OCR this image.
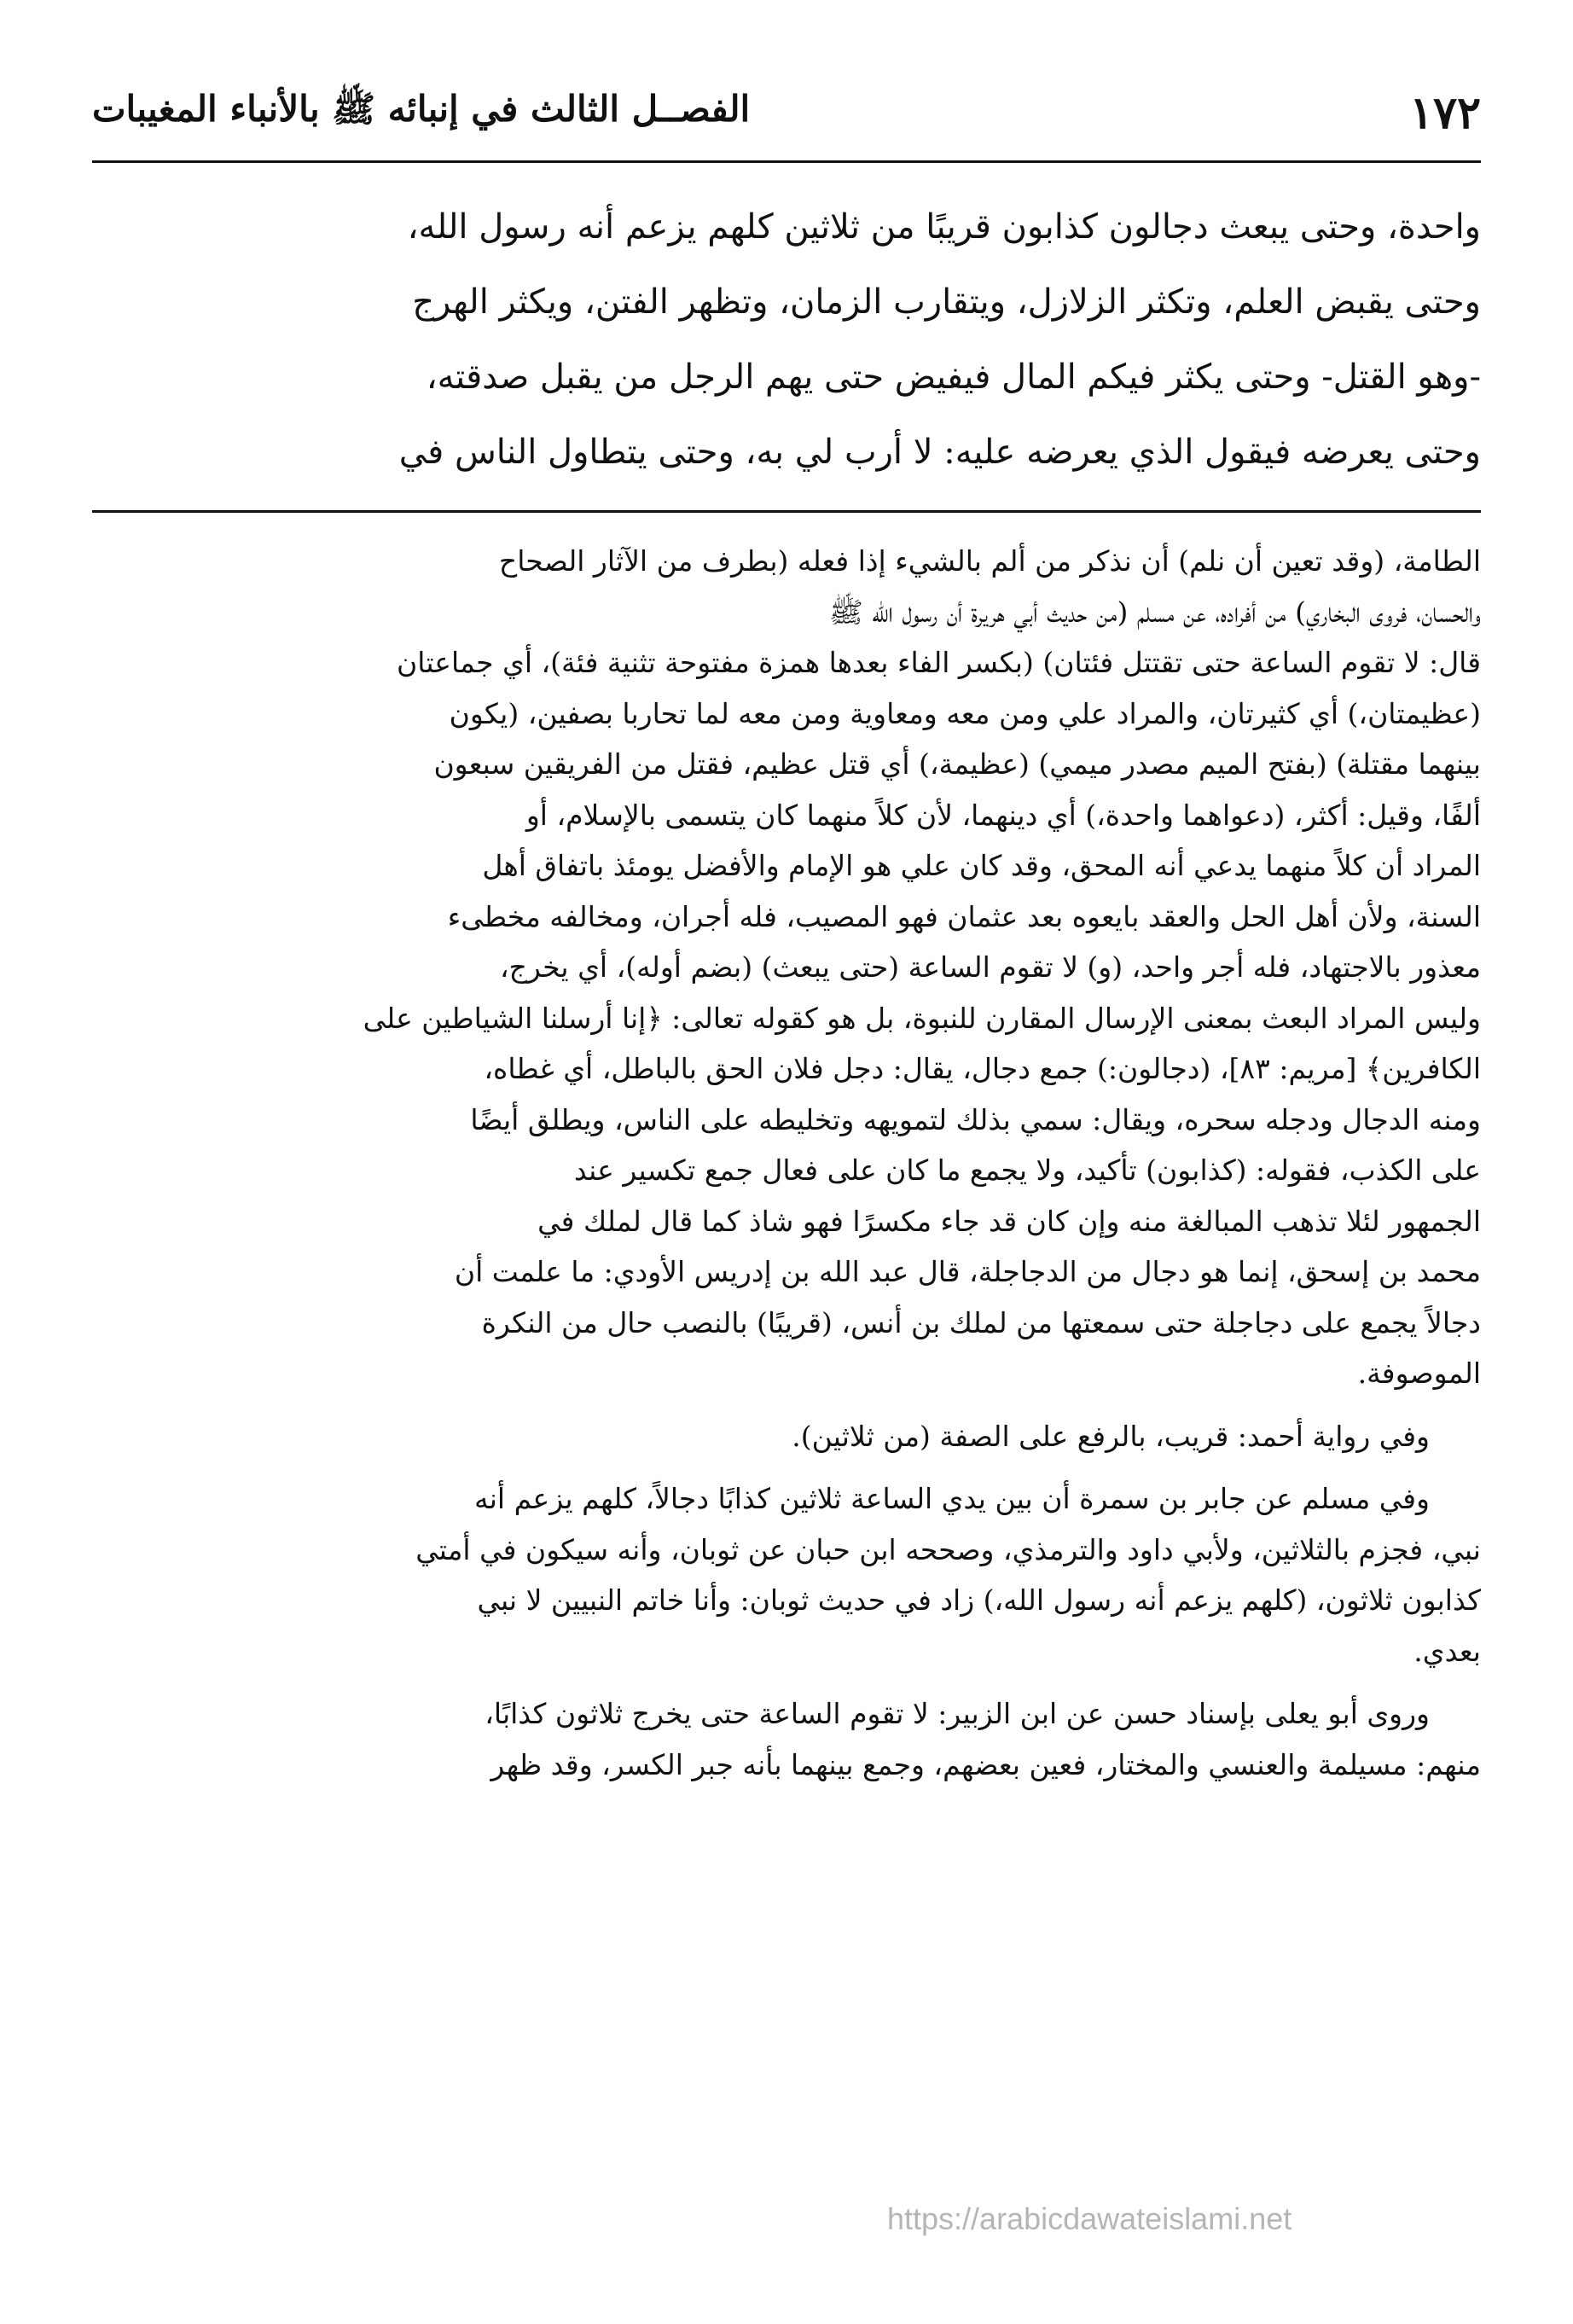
١٧٢
الفصــل الثالث في إنبائه ﷺ بالأنباء المغيبات

واحدة، وحتى يبعث دجالون كذابون قريبًا من ثلاثين كلهم يزعم أنه رسول الله،

وحتى يقبض العلم، وتكثر الزلازل، ويتقارب الزمان، وتظهر الفتن، ويكثر الهرج

-وهو القتل- وحتى يكثر فيكم المال فيفيض حتى يهم الرجل من يقبل صدقته،

وحتى يعرضه فيقول الذي يعرضه عليه: لا أرب لي به، وحتى يتطاول الناس في

الطامة، (وقد تعين أن نلم) أن نذكر من ألم بالشيء إذا فعله (بطرف من الآثار الصحاح

والحسان، فروى البخاري) من أفراده، عن مسلم (من حديث أبي هريرة أن رسول الله ﷺ

قال: لا تقوم الساعة حتى تقتتل فئتان) (بكسر الفاء بعدها همزة مفتوحة تثنية فئة)، أي جماعتان

(عظيمتان،) أي كثيرتان، والمراد علي ومن معه ومعاوية ومن معه لما تحاربا بصفين، (يكون

بينهما مقتلة) (بفتح الميم مصدر ميمي) (عظيمة،) أي قتل عظيم، فقتل من الفريقين سبعون

ألفًا، وقيل: أكثر، (دعواهما واحدة،) أي دينهما، لأن كلاً منهما كان يتسمى بالإسلام، أو

المراد أن كلاً منهما يدعي أنه المحق، وقد كان علي هو الإمام والأفضل يومئذ باتفاق أهل

السنة، ولأن أهل الحل والعقد بايعوه بعد عثمان فهو المصيب، فله أجران، ومخالفه مخطىء

معذور بالاجتهاد، فله أجر واحد، (و) لا تقوم الساعة (حتى يبعث) (بضم أوله)، أي يخرج،

وليس المراد البعث بمعنى الإرسال المقارن للنبوة، بل هو كقوله تعالى: ﴿إنا أرسلنا الشياطين على

الكافرين﴾ [مريم: ٨٣]، (دجالون:) جمع دجال، يقال: دجل فلان الحق بالباطل، أي غطاه،

ومنه الدجال ودجله سحره، ويقال: سمي بذلك لتمويهه وتخليطه على الناس، ويطلق أيضًا

على الكذب، فقوله: (كذابون) تأكيد، ولا يجمع ما كان على فعال جمع تكسير عند

الجمهور لئلا تذهب المبالغة منه وإن كان قد جاء مكسرًا فهو شاذ كما قال لملك في

محمد بن إسحق، إنما هو دجال من الدجاجلة، قال عبد الله بن إدريس الأودي: ما علمت أن

دجالاً يجمع على دجاجلة حتى سمعتها من لملك بن أنس، (قريبًا) بالنصب حال من النكرة

الموصوفة.

وفي رواية أحمد: قريب، بالرفع على الصفة (من ثلاثين).

وفي مسلم عن جابر بن سمرة أن بين يدي الساعة ثلاثين كذابًا دجالاً، كلهم يزعم أنه

نبي، فجزم بالثلاثين، ولأبي داود والترمذي، وصححه ابن حبان عن ثوبان، وأنه سيكون في أمتي

كذابون ثلاثون، (كلهم يزعم أنه رسول الله،) زاد في حديث ثوبان: وأنا خاتم النبيين لا نبي

بعدي.

وروى أبو يعلى بإسناد حسن عن ابن الزبير: لا تقوم الساعة حتى يخرج ثلاثون كذابًا،

منهم: مسيلمة والعنسي والمختار، فعين بعضهم، وجمع بينهما بأنه جبر الكسر، وقد ظهر

https://arabicdawateislami.net
